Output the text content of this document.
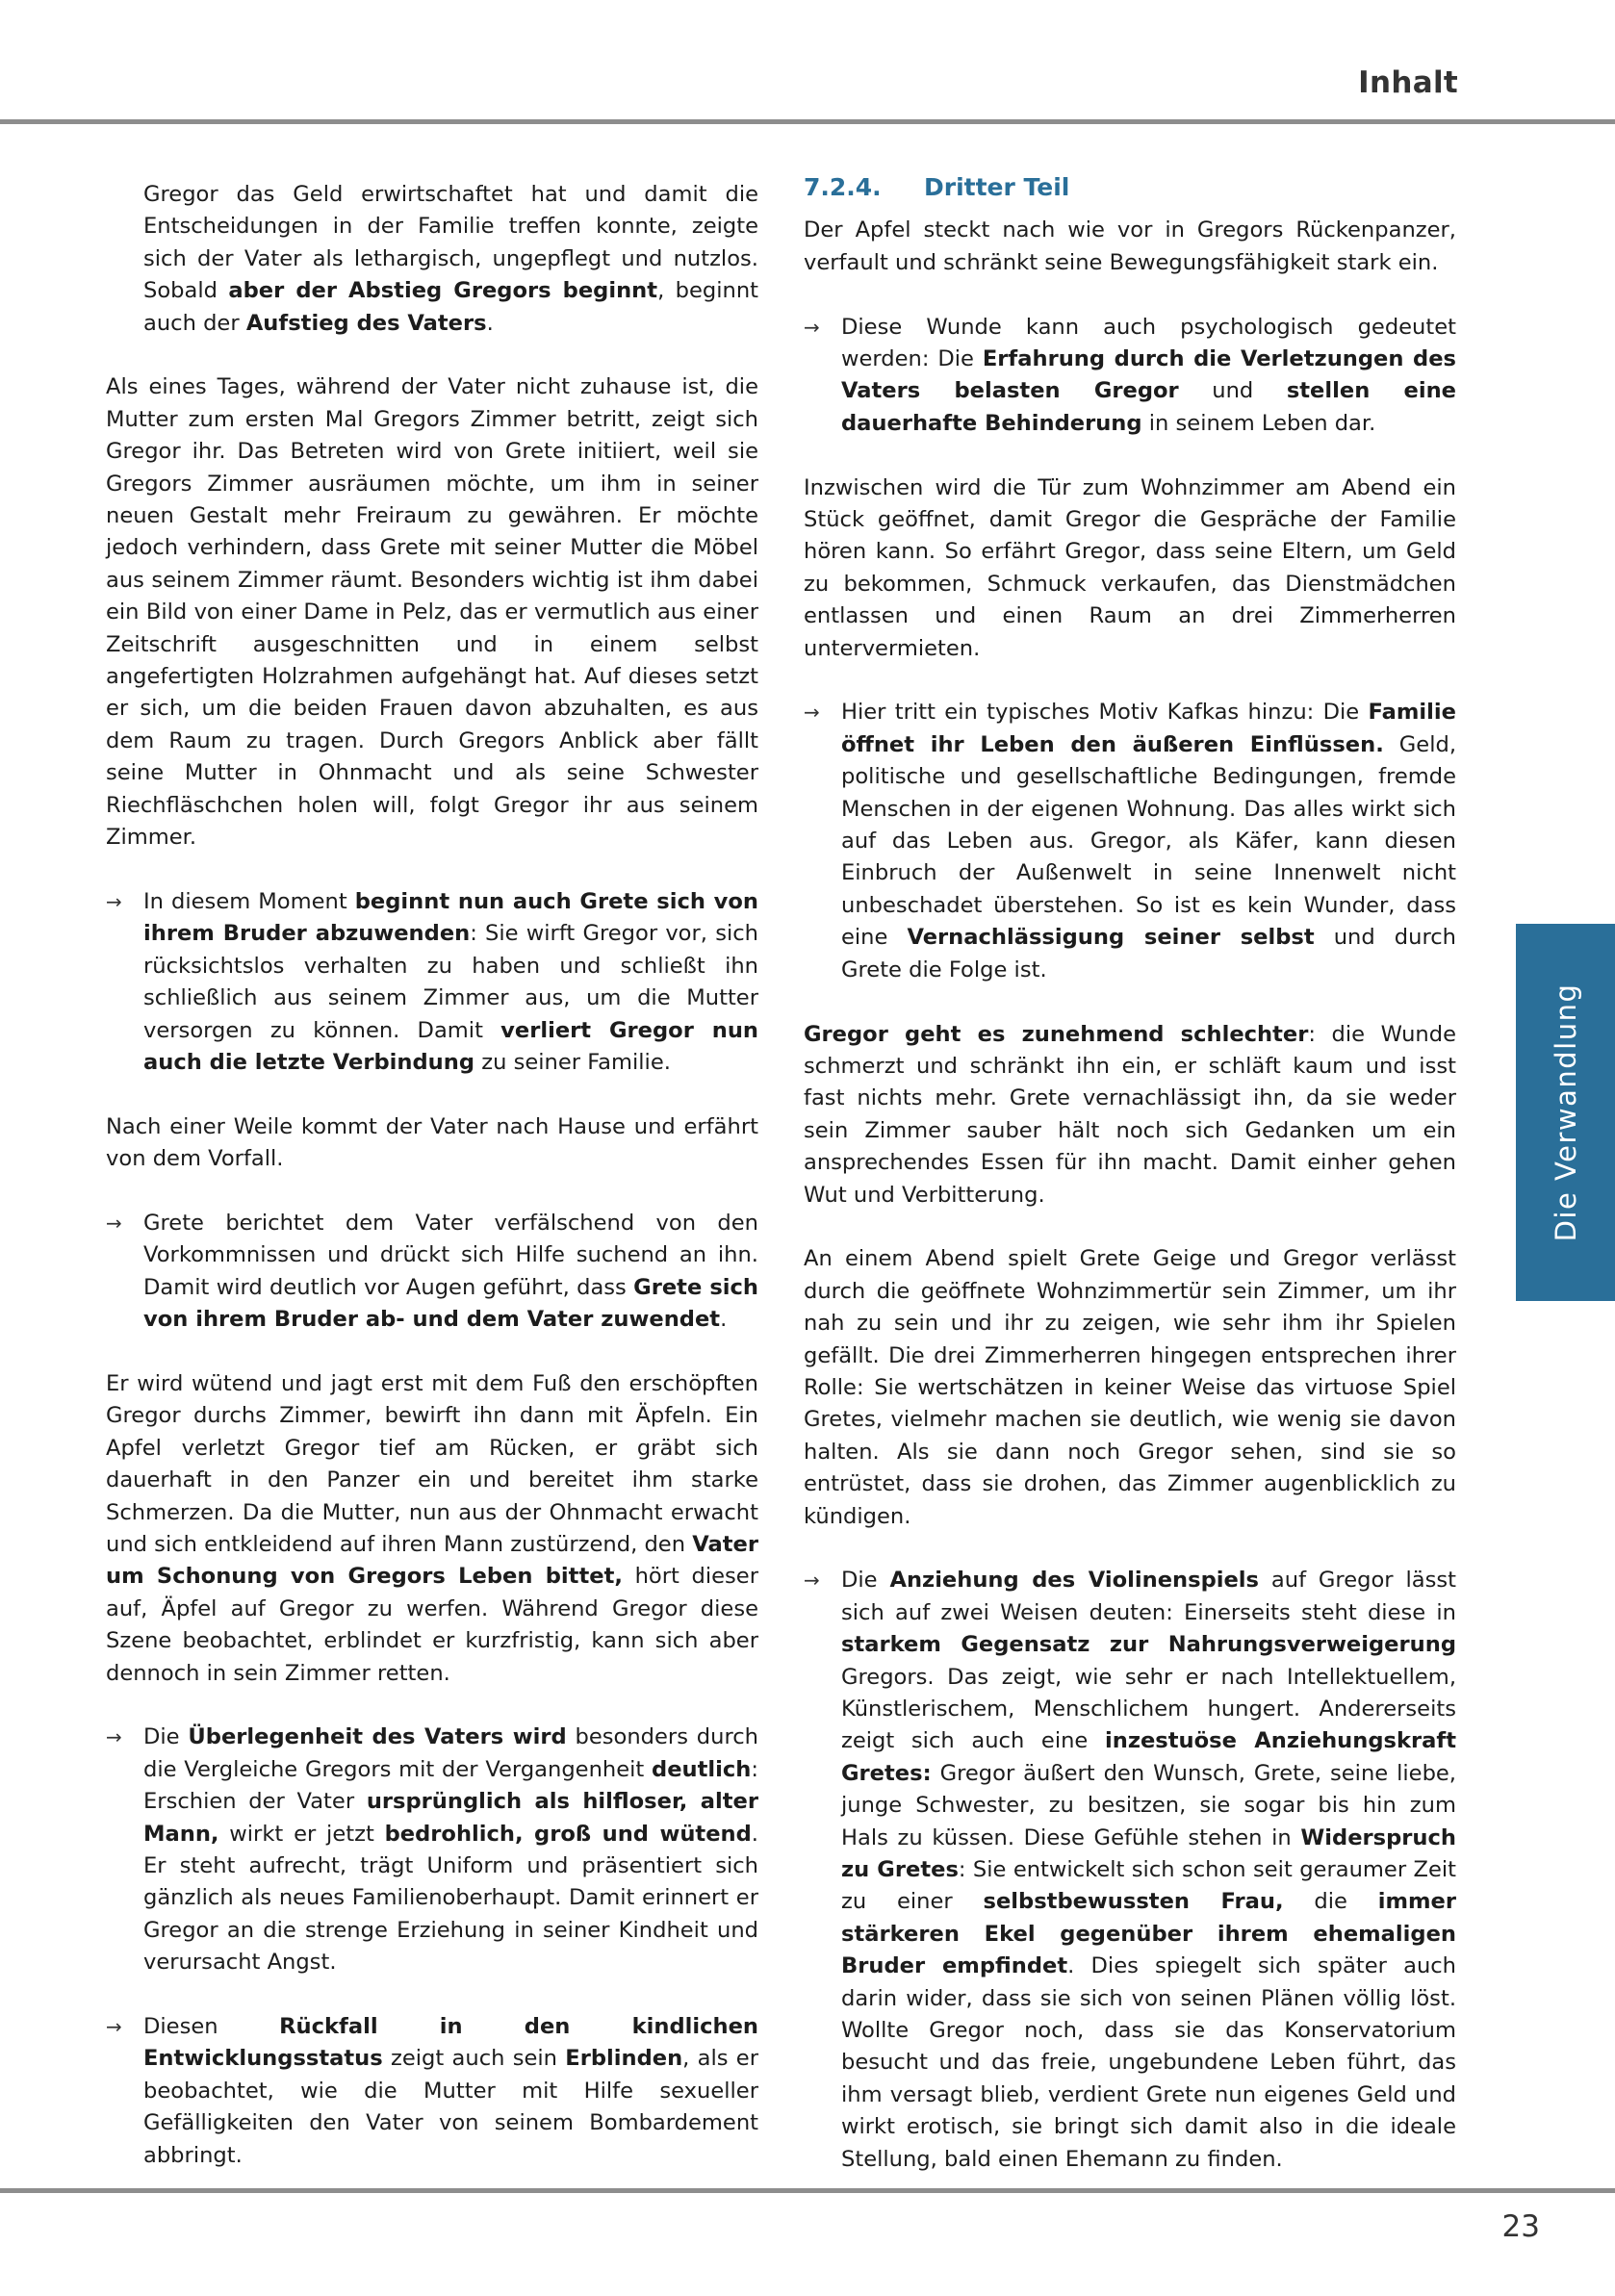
Inhalt
Die Verwandlung

Gregor das Geld erwirtschaftet hat und damit die Entscheidungen in der Familie treffen konnte, zeigte sich der Vater als lethargisch, ungepflegt und nutzlos. Sobald aber der Abstieg Gregors beginnt, beginnt auch der Aufstieg des Vaters.

Als eines Tages, während der Vater nicht zuhause ist, die Mutter zum ersten Mal Gregors Zimmer betritt, zeigt sich Gregor ihr. Das Betreten wird von Grete initiiert, weil sie Gregors Zimmer ausräumen möchte, um ihm in seiner neuen Gestalt mehr Freiraum zu gewähren. Er möchte jedoch verhindern, dass Grete mit seiner Mutter die Möbel aus seinem Zimmer räumt. Besonders wichtig ist ihm dabei ein Bild von einer Dame in Pelz, das er vermutlich aus einer Zeitschrift ausgeschnitten und in einem selbst angefertigten Holzrahmen aufgehängt hat. Auf dieses setzt er sich, um die beiden Frauen davon abzuhalten, es aus dem Raum zu tragen. Durch Gregors Anblick aber fällt seine Mutter in Ohnmacht und als seine Schwester Riechfläschchen holen will, folgt Gregor ihr aus seinem Zimmer.

→ In diesem Moment beginnt nun auch Grete sich von ihrem Bruder abzuwenden: Sie wirft Gregor vor, sich rücksichtslos verhalten zu haben und schließt ihn schließlich aus seinem Zimmer aus, um die Mutter versorgen zu können. Damit verliert Gregor nun auch die letzte Verbindung zu seiner Familie.

Nach einer Weile kommt der Vater nach Hause und erfährt von dem Vorfall.

→ Grete berichtet dem Vater verfälschend von den Vorkommnissen und drückt sich Hilfe suchend an ihn. Damit wird deutlich vor Augen geführt, dass Grete sich von ihrem Bruder ab- und dem Vater zuwendet.

Er wird wütend und jagt erst mit dem Fuß den erschöpften Gregor durchs Zimmer, bewirft ihn dann mit Äpfeln. Ein Apfel verletzt Gregor tief am Rücken, er gräbt sich dauerhaft in den Panzer ein und bereitet ihm starke Schmerzen. Da die Mutter, nun aus der Ohnmacht erwacht und sich entkleidend auf ihren Mann zustürzend, den Vater um Schonung von Gregors Leben bittet, hört dieser auf, Äpfel auf Gregor zu werfen. Während Gregor diese Szene beobachtet, erblindet er kurzfristig, kann sich aber dennoch in sein Zimmer retten.

→ Die Überlegenheit des Vaters wird besonders durch die Vergleiche Gregors mit der Vergangenheit deutlich: Erschien der Vater ursprünglich als hilfloser, alter Mann, wirkt er jetzt bedrohlich, groß und wütend. Er steht aufrecht, trägt Uniform und präsentiert sich gänzlich als neues Familienoberhaupt. Damit erinnert er Gregor an die strenge Erziehung in seiner Kindheit und verursacht Angst.
→ Diesen Rückfall in den kindlichen Entwicklungsstatus zeigt auch sein Erblinden, als er beobachtet, wie die Mutter mit Hilfe sexueller Gefälligkeiten den Vater von seinem Bombardement abbringt.
7.2.4. Dritter Teil

Der Apfel steckt nach wie vor in Gregors Rückenpanzer, verfault und schränkt seine Bewegungsfähigkeit stark ein.

→ Diese Wunde kann auch psychologisch gedeutet werden: Die Erfahrung durch die Verletzungen des Vaters belasten Gregor und stellen eine dauerhafte Behinderung in seinem Leben dar.

Inzwischen wird die Tür zum Wohnzimmer am Abend ein Stück geöffnet, damit Gregor die Gespräche der Familie hören kann. So erfährt Gregor, dass seine Eltern, um Geld zu bekommen, Schmuck verkaufen, das Dienstmädchen entlassen und einen Raum an drei Zimmerherren untervermieten.

→ Hier tritt ein typisches Motiv Kafkas hinzu: Die Familie öffnet ihr Leben den äußeren Einflüssen. Geld, politische und gesellschaftliche Bedingungen, fremde Menschen in der eigenen Wohnung. Das alles wirkt sich auf das Leben aus. Gregor, als Käfer, kann diesen Einbruch der Außenwelt in seine Innenwelt nicht unbeschadet überstehen. So ist es kein Wunder, dass eine Vernachlässigung seiner selbst und durch Grete die Folge ist.

Gregor geht es zunehmend schlechter: die Wunde schmerzt und schränkt ihn ein, er schläft kaum und isst fast nichts mehr. Grete vernachlässigt ihn, da sie weder sein Zimmer sauber hält noch sich Gedanken um ein ansprechendes Essen für ihn macht. Damit einher gehen Wut und Verbitterung.

An einem Abend spielt Grete Geige und Gregor verlässt durch die geöffnete Wohnzimmertür sein Zimmer, um ihr nah zu sein und ihr zu zeigen, wie sehr ihm ihr Spielen gefällt. Die drei Zimmerherren hingegen entsprechen ihrer Rolle: Sie wertschätzen in keiner Weise das virtuose Spiel Gretes, vielmehr machen sie deutlich, wie wenig sie davon halten. Als sie dann noch Gregor sehen, sind sie so entrüstet, dass sie drohen, das Zimmer augenblicklich zu kündigen.

→ Die Anziehung des Violinenspiels auf Gregor lässt sich auf zwei Weisen deuten: Einerseits steht diese in starkem Gegensatz zur Nahrungsverweigerung Gregors. Das zeigt, wie sehr er nach Intellektuellem, Künstlerischem, Menschlichem hungert. Andererseits zeigt sich auch eine inzestuöse Anziehungskraft Gretes: Gregor äußert den Wunsch, Grete, seine liebe, junge Schwester, zu besitzen, sie sogar bis hin zum Hals zu küssen. Diese Gefühle stehen in Widerspruch zu Gretes: Sie entwickelt sich schon seit geraumer Zeit zu einer selbstbewussten Frau, die immer stärkeren Ekel gegenüber ihrem ehemaligen Bruder empfindet. Dies spiegelt sich später auch darin wider, dass sie sich von seinen Plänen völlig löst. Wollte Gregor noch, dass sie das Konservatorium besucht und das freie, ungebundene Leben führt, das ihm versagt blieb, verdient Grete nun eigenes Geld und wirkt erotisch, sie bringt sich damit also in die ideale Stellung, bald einen Ehemann zu finden.
23
